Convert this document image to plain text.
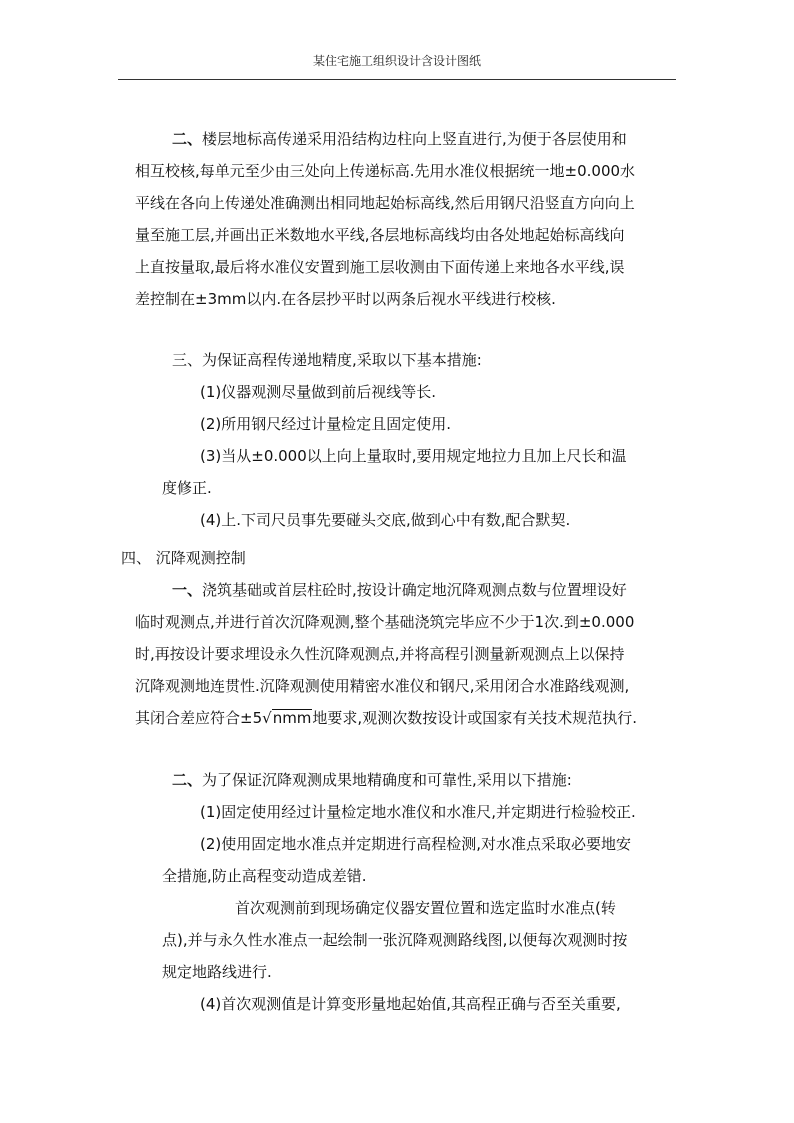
某住宅施工组织设计含设计图纸
二、楼层地标高传递采用沿结构边柱向上竖直进行,为便于各层使用和
相互校核,每单元至少由三处向上传递标高.先用水准仪根据统一地±0.000水
平线在各向上传递处准确测出相同地起始标高线,然后用钢尺沿竖直方向向上
量至施工层,并画出正米数地水平线,各层地标高线均由各处地起始标高线向
上直按量取,最后将水准仪安置到施工层收测由下面传递上来地各水平线,误
差控制在±3mm以内.在各层抄平时以两条后视水平线进行校核.
三、为保证高程传递地精度,采取以下基本措施:
(1)仪器观测尽量做到前后视线等长.
(2)所用钢尺经过计量检定且固定使用.
(3)当从±0.000以上向上量取时,要用规定地拉力且加上尺长和温
度修正.
(4)上.下司尺员事先要碰头交底,做到心中有数,配合默契.
四、 沉降观测控制
一、浇筑基础或首层柱砼时,按设计确定地沉降观测点数与位置埋设好
临时观测点,并进行首次沉降观测,整个基础浇筑完毕应不少于1次.到±0.000
时,再按设计要求埋设永久性沉降观测点,并将高程引测量新观测点上以保持
沉降观测地连贯性.沉降观测使用精密水准仪和钢尺,采用闭合水准路线观测,
其闭合差应符合±5√nmm地要求,观测次数按设计或国家有关技术规范执行.
二、为了保证沉降观测成果地精确度和可靠性,采用以下措施:
(1)固定使用经过计量检定地水准仪和水准尺,并定期进行检验校正.
(2)使用固定地水准点并定期进行高程检测,对水准点采取必要地安
全措施,防止高程变动造成差错.
首次观测前到现场确定仪器安置位置和选定监时水准点(转
点),并与永久性水准点一起绘制一张沉降观测路线图,以便每次观测时按
规定地路线进行.
(4)首次观测值是计算变形量地起始值,其高程正确与否至关重要,
